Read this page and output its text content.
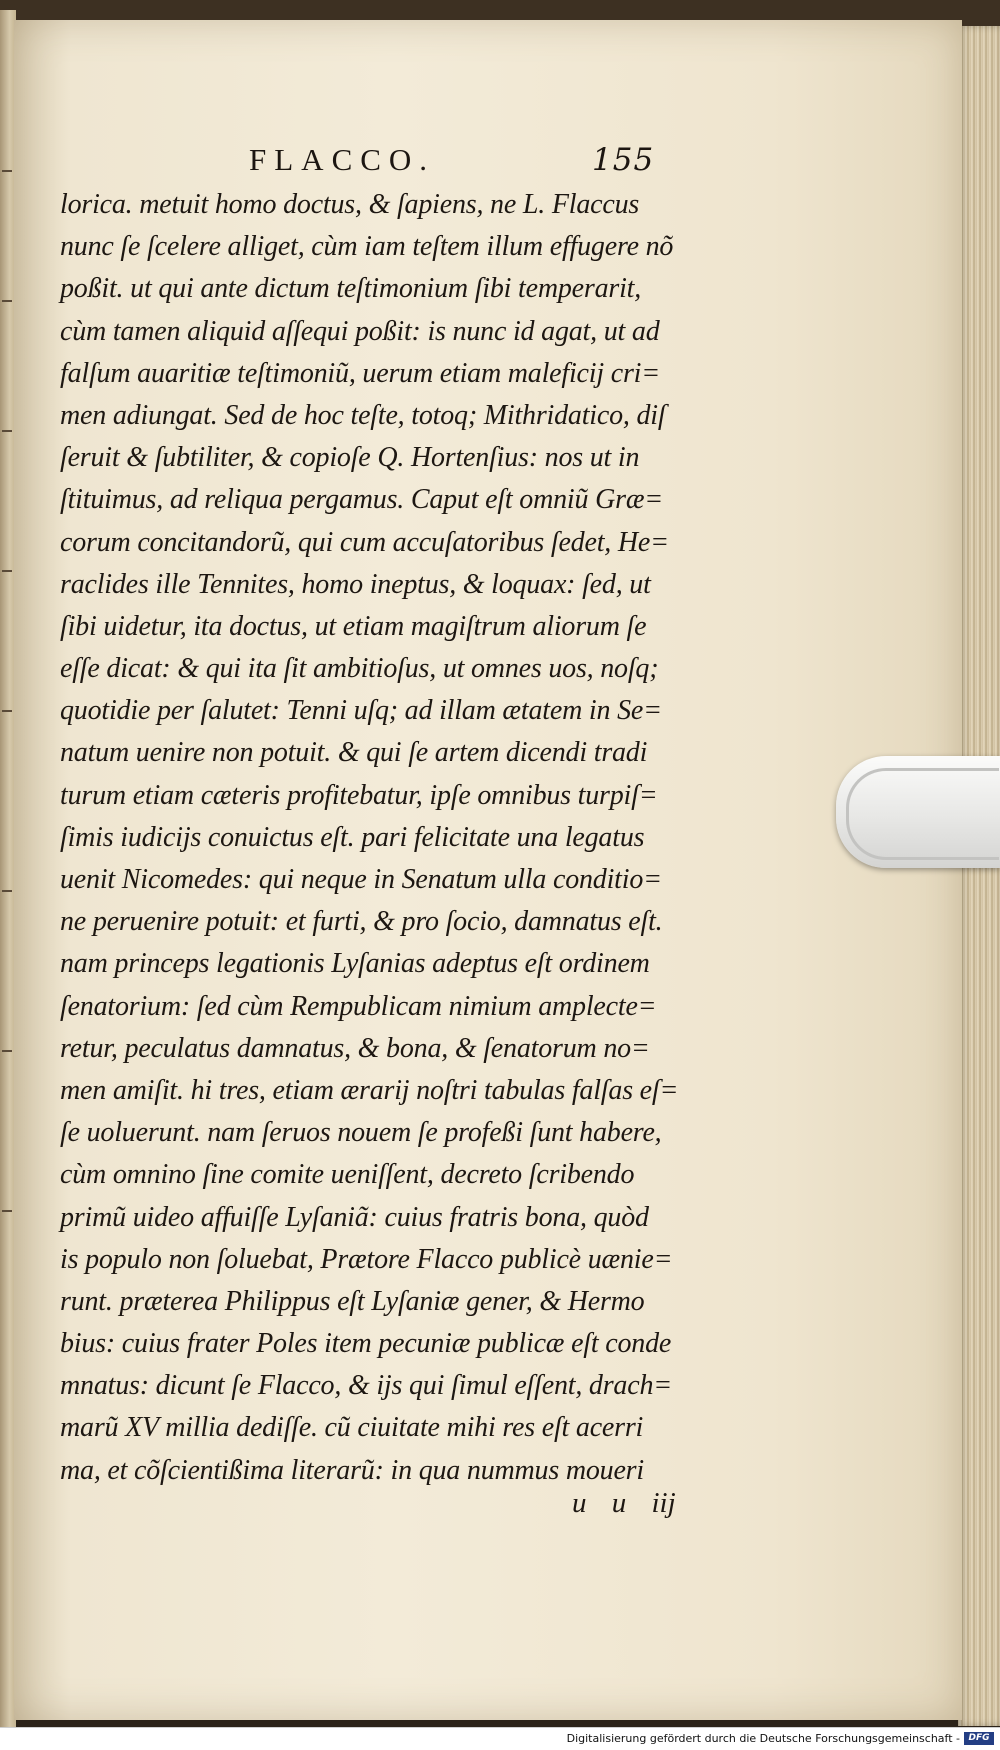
FLACCO.	155
lorica. metuit homo doctus, & ſapiens, ne L. Flaccus
nunc ſe ſcelere alliget, cùm iam teſtem illum effugere nõ
poßit. ut qui ante dictum teſtimonium ſibi temperarit,
cùm tamen aliquid aſſequi poßit: is nunc id agat, ut ad
falſum auaritiæ teſtimoniũ, uerum etiam maleficij cri=
men adiungat. Sed de hoc teſte, totoq; Mithridatico, diſ
ſeruit & ſubtiliter, & copioſe Q. Hortenſius: nos ut in
ſtituimus, ad reliqua pergamus. Caput eſt omniũ Græ=
corum concitandorũ, qui cum accuſatoribus ſedet, He=
raclides ille Tennites, homo ineptus, & loquax: ſed, ut
ſibi uidetur, ita doctus, ut etiam magiſtrum aliorum ſe
eſſe dicat: & qui ita ſit ambitioſus, ut omnes uos, noſq;
quotidie per ſalutet: Tenni uſq; ad illam ætatem in Se=
natum uenire non potuit. & qui ſe artem dicendi tradi
turum etiam cæteris profitebatur, ipſe omnibus turpiſ=
ſimis iudicijs conuictus eſt. pari felicitate una legatus
uenit Nicomedes: qui neque in Senatum ulla conditio=
ne peruenire potuit: et furti, & pro ſocio, damnatus eſt.
nam princeps legationis Lyſanias adeptus eſt ordinem
ſenatorium: ſed cùm Rempublicam nimium amplecte=
retur, peculatus damnatus, & bona, & ſenatorum no=
men amiſit. hi tres, etiam ærarij noſtri tabulas falſas eſ=
ſe uoluerunt. nam ſeruos nouem ſe profeßi ſunt habere,
cùm omnino ſine comite ueniſſent, decreto ſcribendo
primũ uideo affuiſſe Lyſaniã: cuius fratris bona, quòd
is populo non ſoluebat, Prætore Flacco publicè uænie=
runt. præterea Philippus eſt Lyſaniæ gener, & Hermo
bius: cuius frater Poles item pecuniæ publicæ eſt conde
mnatus: dicunt ſe Flacco, & ijs qui ſimul eſſent, drach=
marũ XV millia dediſſe. cũ ciuitate mihi res eſt acerri
ma, et cõſcientißima literarũ: in qua nummus moueri
u u iij
Digitalisierung gefördert durch die Deutsche Forschungsgemeinschaft - DFG
